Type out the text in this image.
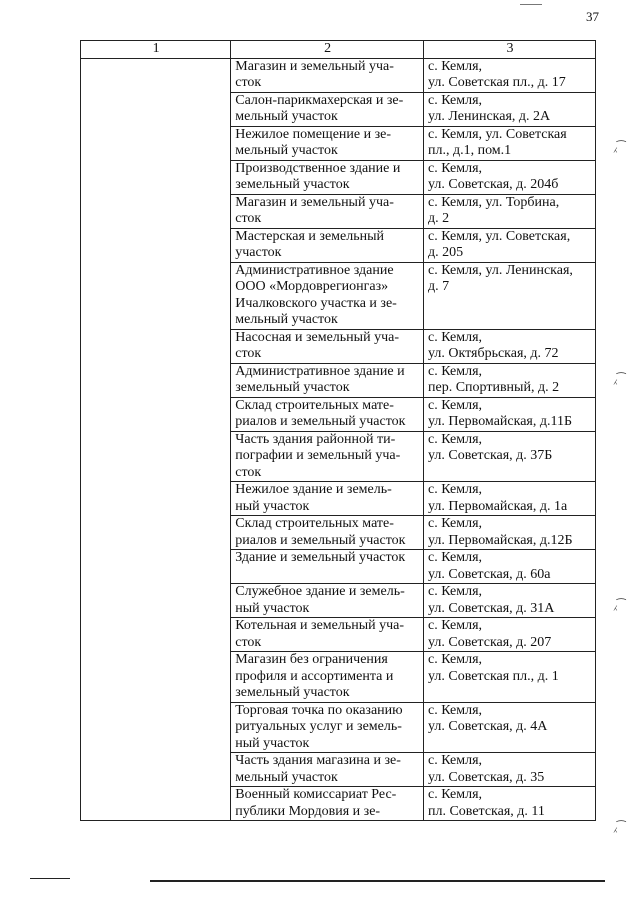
37
1	2	3
	Магазин и земельный уча-
сток	с. Кемля,
ул. Советская пл., д. 17
	Салон-парикмахерская и зе-
мельный участок	с. Кемля,
ул. Ленинская, д. 2А
	Нежилое помещение и зе-
мельный участок	с. Кемля, ул. Советская
пл., д.1, пом.1
	Производственное здание и
земельный участок	с. Кемля,
ул. Советская, д. 204б
	Магазин и земельный уча-
сток	с. Кемля, ул. Торбина,
д. 2
	Мастерская и земельный
участок	с. Кемля, ул. Советская,
д. 205
	Административное здание
ООО «Мордоврегионгаз»
Ичалковского участка и зе-
мельный участок	с. Кемля, ул. Ленинская,
д. 7
	Насосная и земельный уча-
сток	с. Кемля,
ул. Октябрьская, д. 72
	Административное здание и
земельный участок	с. Кемля,
пер. Спортивный, д. 2
	Склад строительных мате-
риалов и земельный участок	с. Кемля,
ул. Первомайская, д.11Б
	Часть здания районной ти-
пографии и земельный уча-
сток	с. Кемля,
ул. Советская, д. 37Б
	Нежилое здание и земель-
ный участок	с. Кемля,
ул. Первомайская, д. 1а
	Склад строительных мате-
риалов и земельный участок	с. Кемля,
ул. Первомайская, д.12Б
	Здание и земельный участок	с. Кемля,
ул. Советская, д. 60а
	Служебное здание и земель-
ный участок	с. Кемля,
ул. Советская, д. 31А
	Котельная и земельный уча-
сток	с. Кемля,
ул. Советская, д. 207
	Магазин без ограничения
профиля и ассортимента и
земельный участок	с. Кемля,
ул. Советская пл., д. 1
	Торговая точка по оказанию
ритуальных услуг и земель-
ный участок	с. Кемля,
ул. Советская, д. 4А
	Часть здания магазина и зе-
мельный участок	с. Кемля,
ул. Советская, д. 35
	Военный комиссариат Рес-
публики Мордовия и зе-	с. Кемля,
пл. Советская, д. 11
⁁⁀
⁁⁀
⁁⁀
⁁⁀
